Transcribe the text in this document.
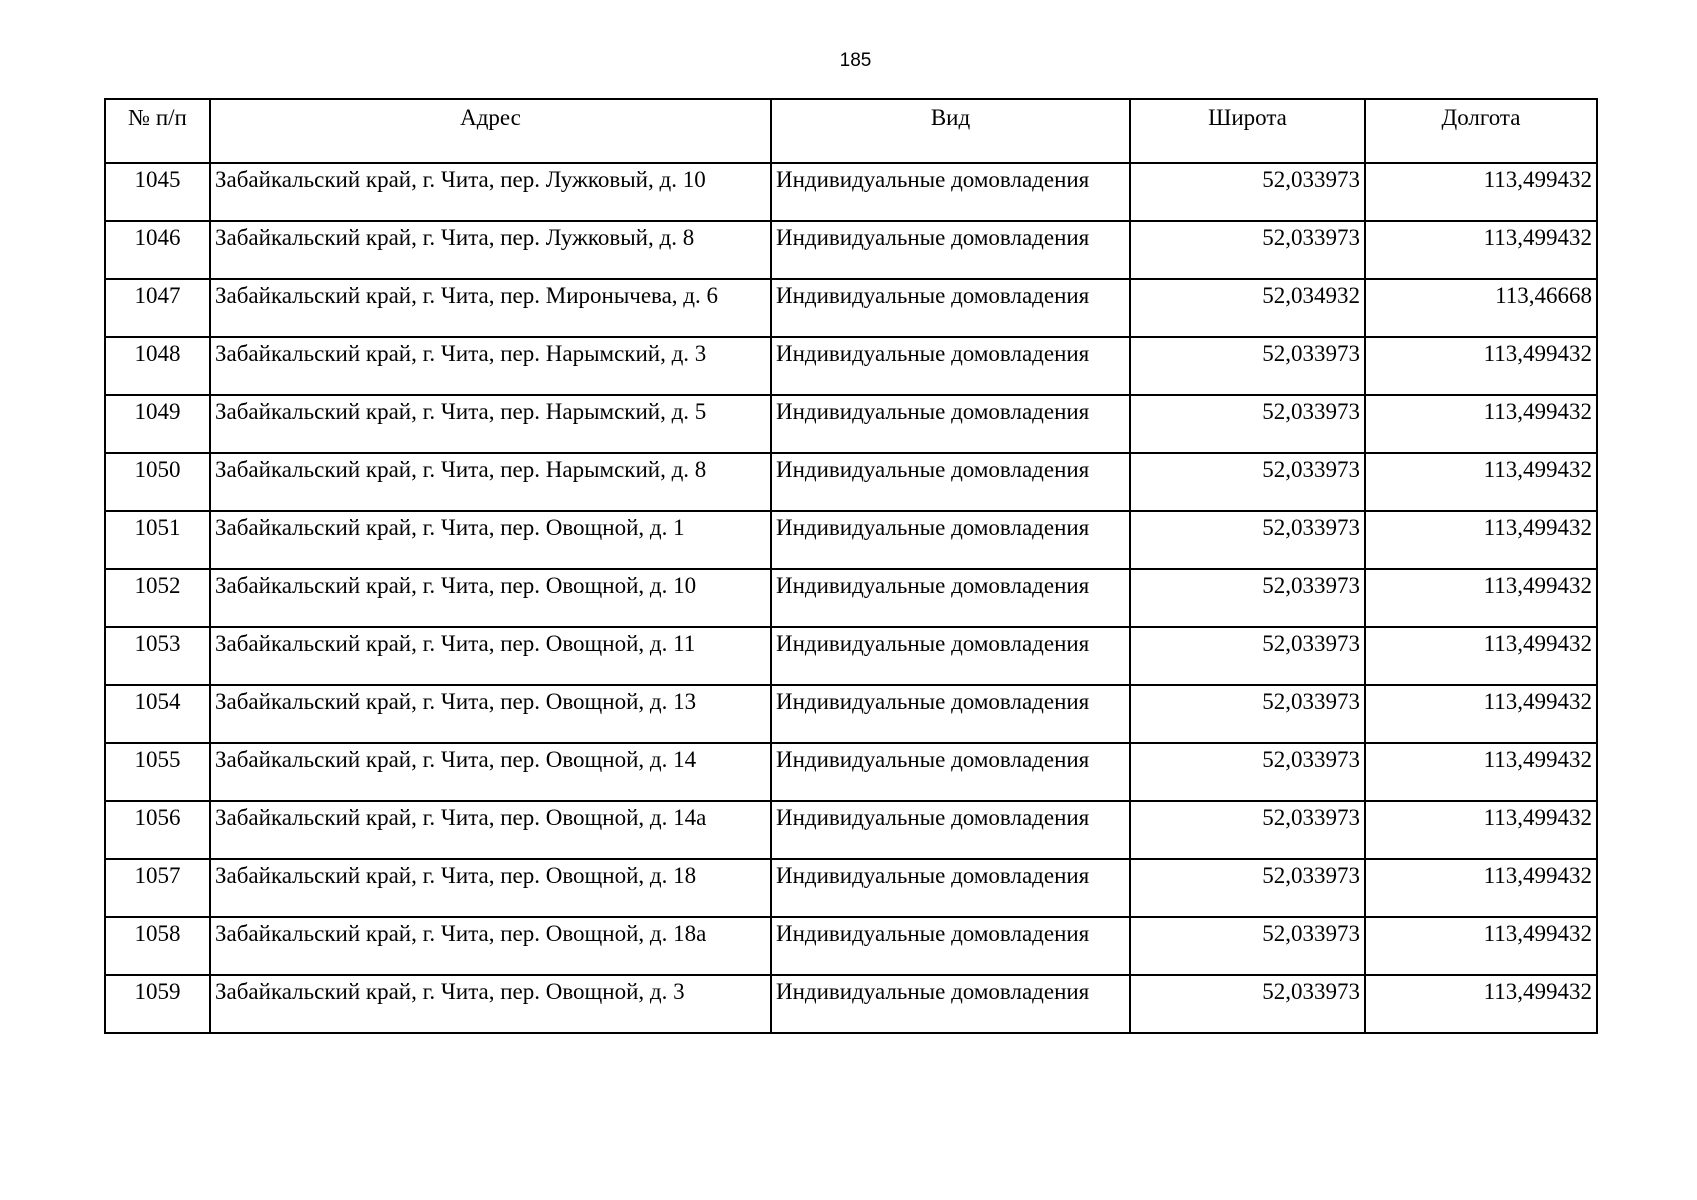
185
№ п/п	Адрес	Вид	Широта	Долгота
1045	Забайкальский край, г. Чита, пер. Лужковый, д. 10	Индивидуальные домовладения	52,033973	113,499432
1046	Забайкальский край, г. Чита, пер. Лужковый, д. 8	Индивидуальные домовладения	52,033973	113,499432
1047	Забайкальский край, г. Чита, пер. Миронычева, д. 6	Индивидуальные домовладения	52,034932	113,46668
1048	Забайкальский край, г. Чита, пер. Нарымский, д. 3	Индивидуальные домовладения	52,033973	113,499432
1049	Забайкальский край, г. Чита, пер. Нарымский, д. 5	Индивидуальные домовладения	52,033973	113,499432
1050	Забайкальский край, г. Чита, пер. Нарымский, д. 8	Индивидуальные домовладения	52,033973	113,499432
1051	Забайкальский край, г. Чита, пер. Овощной, д. 1	Индивидуальные домовладения	52,033973	113,499432
1052	Забайкальский край, г. Чита, пер. Овощной, д. 10	Индивидуальные домовладения	52,033973	113,499432
1053	Забайкальский край, г. Чита, пер. Овощной, д. 11	Индивидуальные домовладения	52,033973	113,499432
1054	Забайкальский край, г. Чита, пер. Овощной, д. 13	Индивидуальные домовладения	52,033973	113,499432
1055	Забайкальский край, г. Чита, пер. Овощной, д. 14	Индивидуальные домовладения	52,033973	113,499432
1056	Забайкальский край, г. Чита, пер. Овощной, д. 14а	Индивидуальные домовладения	52,033973	113,499432
1057	Забайкальский край, г. Чита, пер. Овощной, д. 18	Индивидуальные домовладения	52,033973	113,499432
1058	Забайкальский край, г. Чита, пер. Овощной, д. 18а	Индивидуальные домовладения	52,033973	113,499432
1059	Забайкальский край, г. Чита, пер. Овощной, д. 3	Индивидуальные домовладения	52,033973	113,499432
